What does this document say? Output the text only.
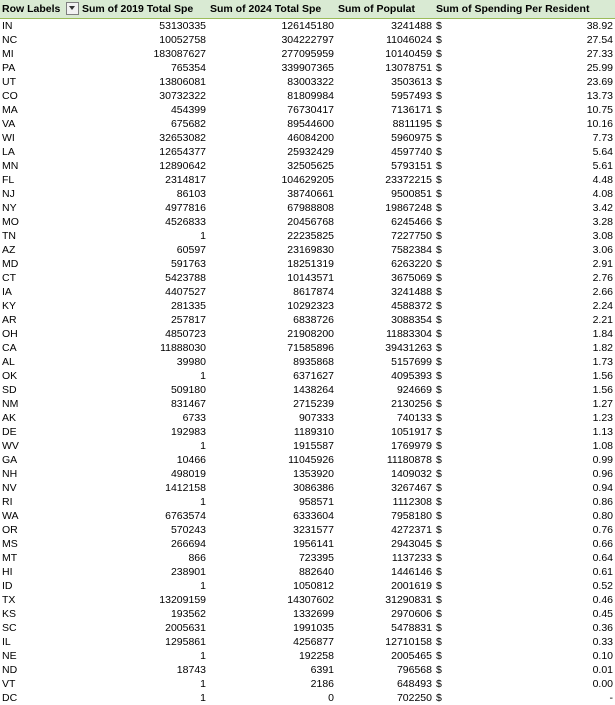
Row Labels	Sum of 2019 Total Spe	Sum of 2024 Total Spe	Sum of Populat	Sum of Spending Per Resident
IN	53130335	126145180	3241488	$ 38.92

NC	10052758	304222797	11046024	$ 27.54

MI	183087627	277095959	10140459	$ 27.33

PA	765354	339907365	13078751	$ 25.99

UT	13806081	83003322	3503613	$ 23.69

CO	30732322	81809984	5957493	$ 13.73

MA	454399	76730417	7136171	$ 10.75

VA	675682	89544600	8811195	$ 10.16

WI	32653082	46084200	5960975	$ 7.73

LA	12654377	25932429	4597740	$ 5.64

MN	12890642	32505625	5793151	$ 5.61

FL	2314817	104629205	23372215	$ 4.48

NJ	86103	38740661	9500851	$ 4.08

NY	4977816	67988808	19867248	$ 3.42

MO	4526833	20456768	6245466	$ 3.28

TN	1	22235825	7227750	$ 3.08

AZ	60597	23169830	7582384	$ 3.06

MD	591763	18251319	6263220	$ 2.91

CT	5423788	10143571	3675069	$ 2.76

IA	4407527	8617874	3241488	$ 2.66

KY	281335	10292323	4588372	$ 2.24

AR	257817	6838726	3088354	$ 2.21

OH	4850723	21908200	11883304	$ 1.84

CA	11888030	71585896	39431263	$ 1.82

AL	39980	8935868	5157699	$ 1.73

OK	1	6371627	4095393	$ 1.56

SD	509180	1438264	924669	$ 1.56

NM	831467	2715239	2130256	$ 1.27

AK	6733	907333	740133	$ 1.23

DE	192983	1189310	1051917	$ 1.13

WV	1	1915587	1769979	$ 1.08

GA	10466	11045926	11180878	$ 0.99

NH	498019	1353920	1409032	$ 0.96

NV	1412158	3086386	3267467	$ 0.94

RI	1	958571	1112308	$ 0.86

WA	6763574	6333604	7958180	$ 0.80

OR	570243	3231577	4272371	$ 0.76

MS	266694	1956141	2943045	$ 0.66

MT	866	723395	1137233	$ 0.64

HI	238901	882640	1446146	$ 0.61

ID	1	1050812	2001619	$ 0.52

TX	13209159	14307602	31290831	$ 0.46

KS	193562	1332699	2970606	$ 0.45

SC	2005631	1991035	5478831	$ 0.36

IL	1295861	4256877	12710158	$ 0.33

NE	1	192258	2005465	$ 0.10

ND	18743	6391	796568	$ 0.01

VT	1	2186	648493	$ 0.00

DC	1	0	702250	$ -
